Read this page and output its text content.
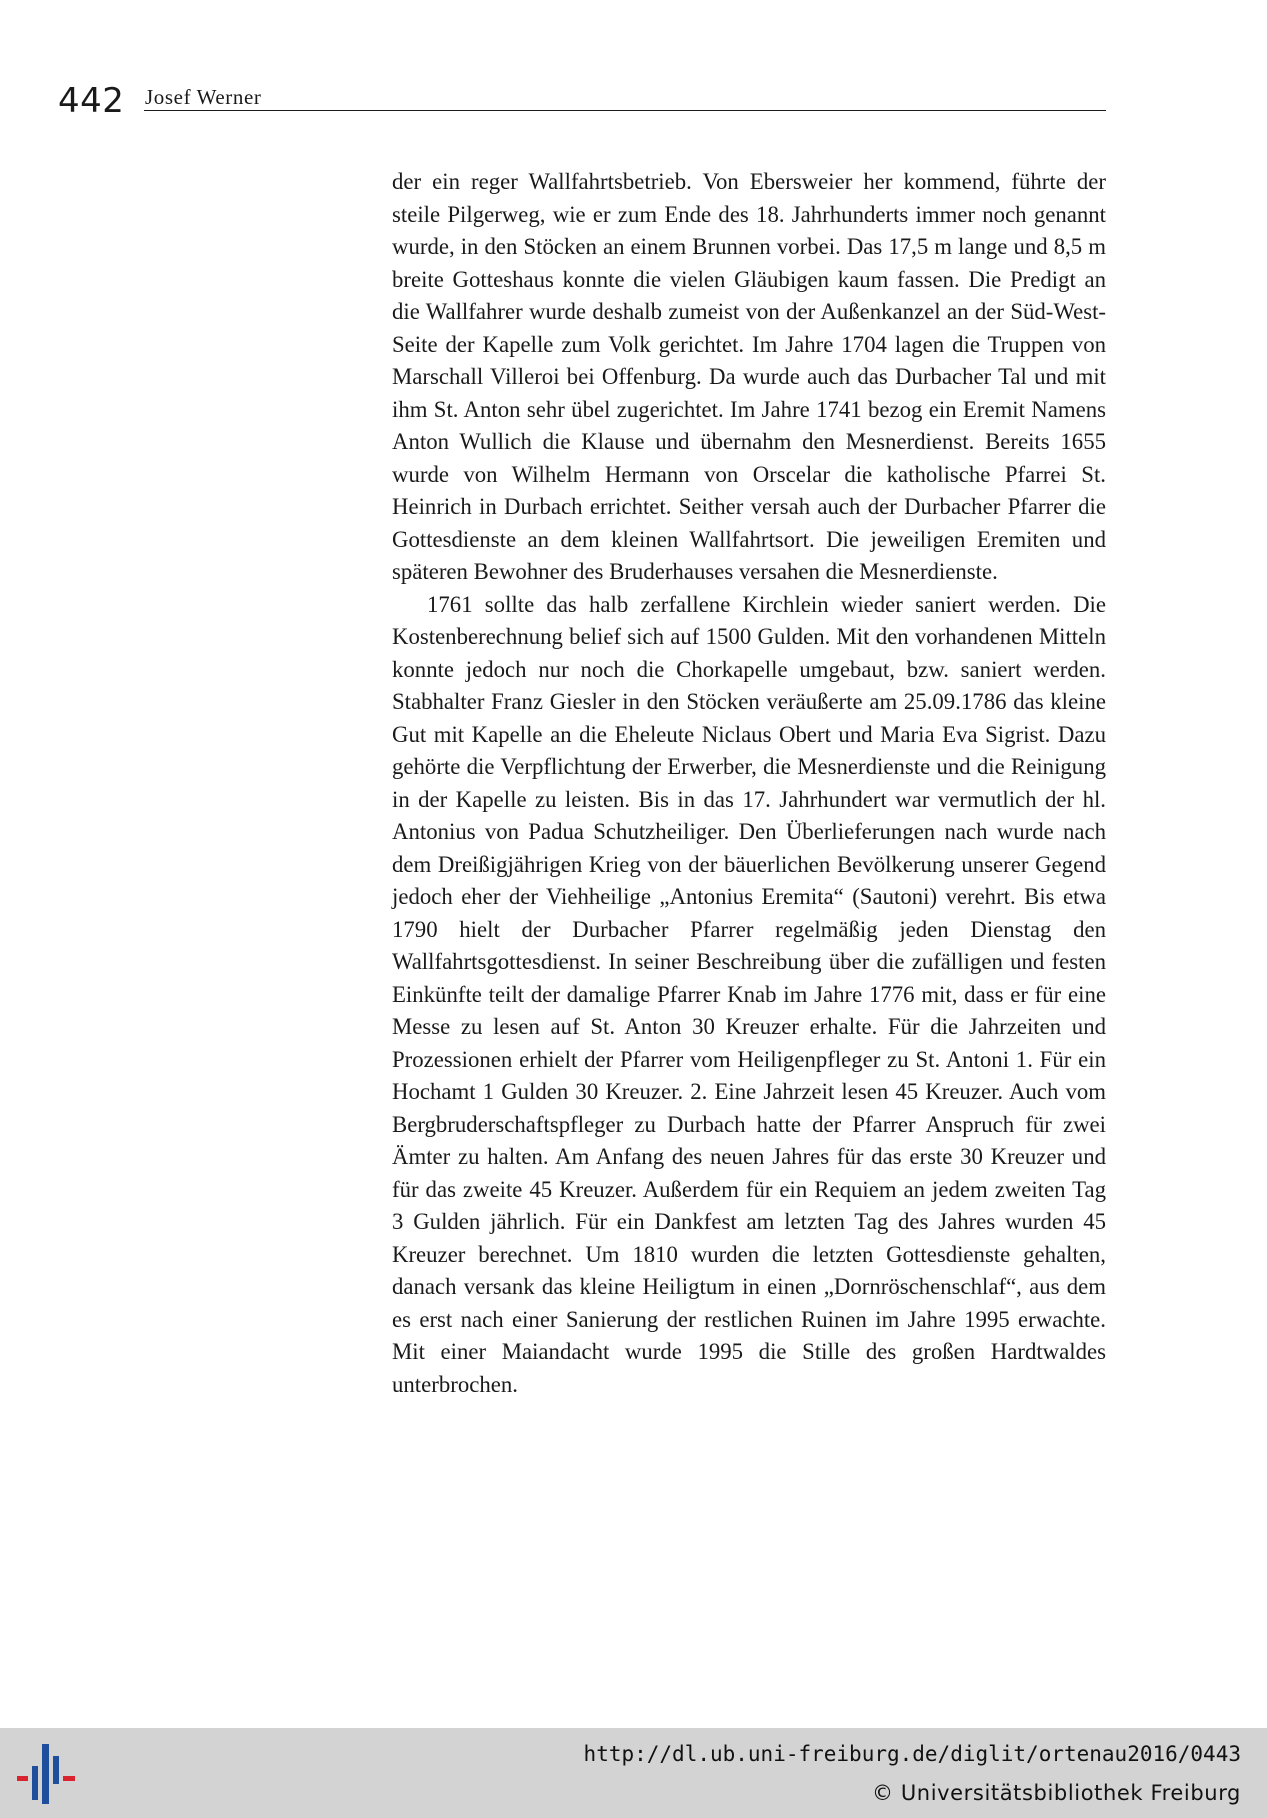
442 Josef Werner

der ein reger Wallfahrtsbetrieb. Von Ebersweier her kommend, führte der steile Pilgerweg, wie er zum Ende des 18. Jahrhunderts immer noch genannt wurde, in den Stöcken an einem Brunnen vorbei. Das 17,5 m lange und 8,5 m breite Gotteshaus konnte die vielen Gläubigen kaum fassen. Die Predigt an die Wallfahrer wurde deshalb zumeist von der Außenkanzel an der Süd-West-Seite der Kapelle zum Volk gerichtet. Im Jahre 1704 lagen die Truppen von Marschall Villeroi bei Offenburg. Da wurde auch das Durbacher Tal und mit ihm St. Anton sehr übel zugerichtet. Im Jahre 1741 bezog ein Eremit Namens Anton Wullich die Klause und übernahm den Mesnerdienst. Bereits 1655 wurde von Wilhelm Hermann von Orscelar die katholische Pfarrei St. Heinrich in Durbach errichtet. Seither versah auch der Durbacher Pfarrer die Gottesdienste an dem kleinen Wallfahrtsort. Die jeweiligen Eremiten und späteren Bewohner des Bruderhauses versahen die Mesnerdienste.

1761 sollte das halb zerfallene Kirchlein wieder saniert werden. Die Kostenberechnung belief sich auf 1500 Gulden. Mit den vorhandenen Mitteln konnte jedoch nur noch die Chorkapelle umgebaut, bzw. saniert werden. Stabhalter Franz Giesler in den Stöcken veräußerte am 25.09.1786 das kleine Gut mit Kapelle an die Eheleute Niclaus Obert und Maria Eva Sigrist. Dazu gehörte die Verpflichtung der Erwerber, die Mesnerdienste und die Reinigung in der Kapelle zu leisten. Bis in das 17. Jahrhundert war vermutlich der hl. Antonius von Padua Schutzheiliger. Den Überlieferungen nach wurde nach dem Dreißigjährigen Krieg von der bäuerlichen Bevölkerung unserer Gegend jedoch eher der Viehheilige „Antonius Eremita“ (Sautoni) verehrt. Bis etwa 1790 hielt der Durbacher Pfarrer regelmäßig jeden Dienstag den Wallfahrtsgottesdienst. In seiner Beschreibung über die zufälligen und festen Einkünfte teilt der damalige Pfarrer Knab im Jahre 1776 mit, dass er für eine Messe zu lesen auf St. Anton 30 Kreuzer erhalte. Für die Jahrzeiten und Prozessionen erhielt der Pfarrer vom Heiligenpfleger zu St. Antoni 1. Für ein Hochamt 1 Gulden 30 Kreuzer. 2. Eine Jahrzeit lesen 45 Kreuzer. Auch vom Bergbruderschaftspfleger zu Durbach hatte der Pfarrer Anspruch für zwei Ämter zu halten. Am Anfang des neuen Jahres für das erste 30 Kreuzer und für das zweite 45 Kreuzer. Außerdem für ein Requiem an jedem zweiten Tag 3 Gulden jährlich. Für ein Dankfest am letzten Tag des Jahres wurden 45 Kreuzer berechnet. Um 1810 wurden die letzten Gottesdienste gehalten, danach versank das kleine Heiligtum in einen „Dornröschenschlaf“, aus dem es erst nach einer Sanierung der restlichen Ruinen im Jahre 1995 erwachte. Mit einer Maiandacht wurde 1995 die Stille des großen Hardtwaldes unterbrochen.

http://dl.ub.uni-freiburg.de/diglit/ortenau2016/0443
© Universitätsbibliothek Freiburg
